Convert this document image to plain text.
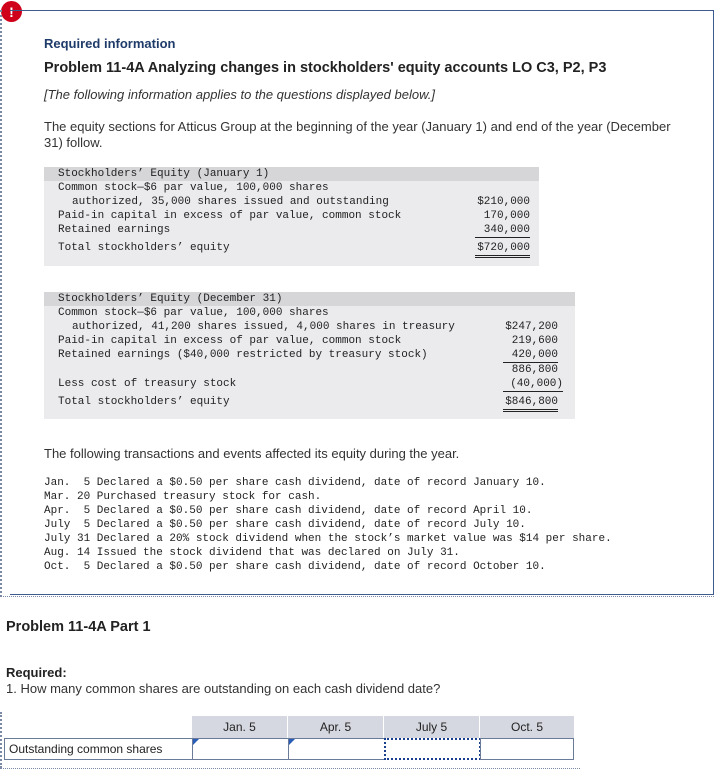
!
Required information
Problem 11-4A Analyzing changes in stockholders' equity accounts LO C3, P2, P3
[The following information applies to the questions displayed below.]
The equity sections for Atticus Group at the beginning of the year (January 1) and end of the year (December 31) follow.
Stockholders’ Equity (January 1)
Common stock—$6 par value, 100,000 shares
authorized, 35,000 shares issued and outstanding	$210,000
Paid-in capital in excess of par value, common stock	170,000
Retained earnings	340,000
Total stockholders’ equity	$720,000
Stockholders’ Equity (December 31)
Common stock—$6 par value, 100,000 shares
authorized, 41,200 shares issued, 4,000 shares in treasury	$247,200
Paid-in capital in excess of par value, common stock	219,600
Retained earnings ($40,000 restricted by treasury stock)	420,000
886,800
Less cost of treasury stock	(40,000)
Total stockholders’ equity	$846,800
The following transactions and events affected its equity during the year.
Jan.  5 Declared a $0.50 per share cash dividend, date of record January 10.
Mar. 20 Purchased treasury stock for cash.
Apr.  5 Declared a $0.50 per share cash dividend, date of record April 10.
July  5 Declared a $0.50 per share cash dividend, date of record July 10.
July 31 Declared a 20% stock dividend when the stock’s market value was $14 per share.
Aug. 14 Issued the stock dividend that was declared on July 31.
Oct.  5 Declared a $0.50 per share cash dividend, date of record October 10.
Problem 11-4A Part 1
Required:
1. How many common shares are outstanding on each cash dividend date?
Jan. 5	Apr. 5	July 5	Oct. 5
Outstanding common shares
